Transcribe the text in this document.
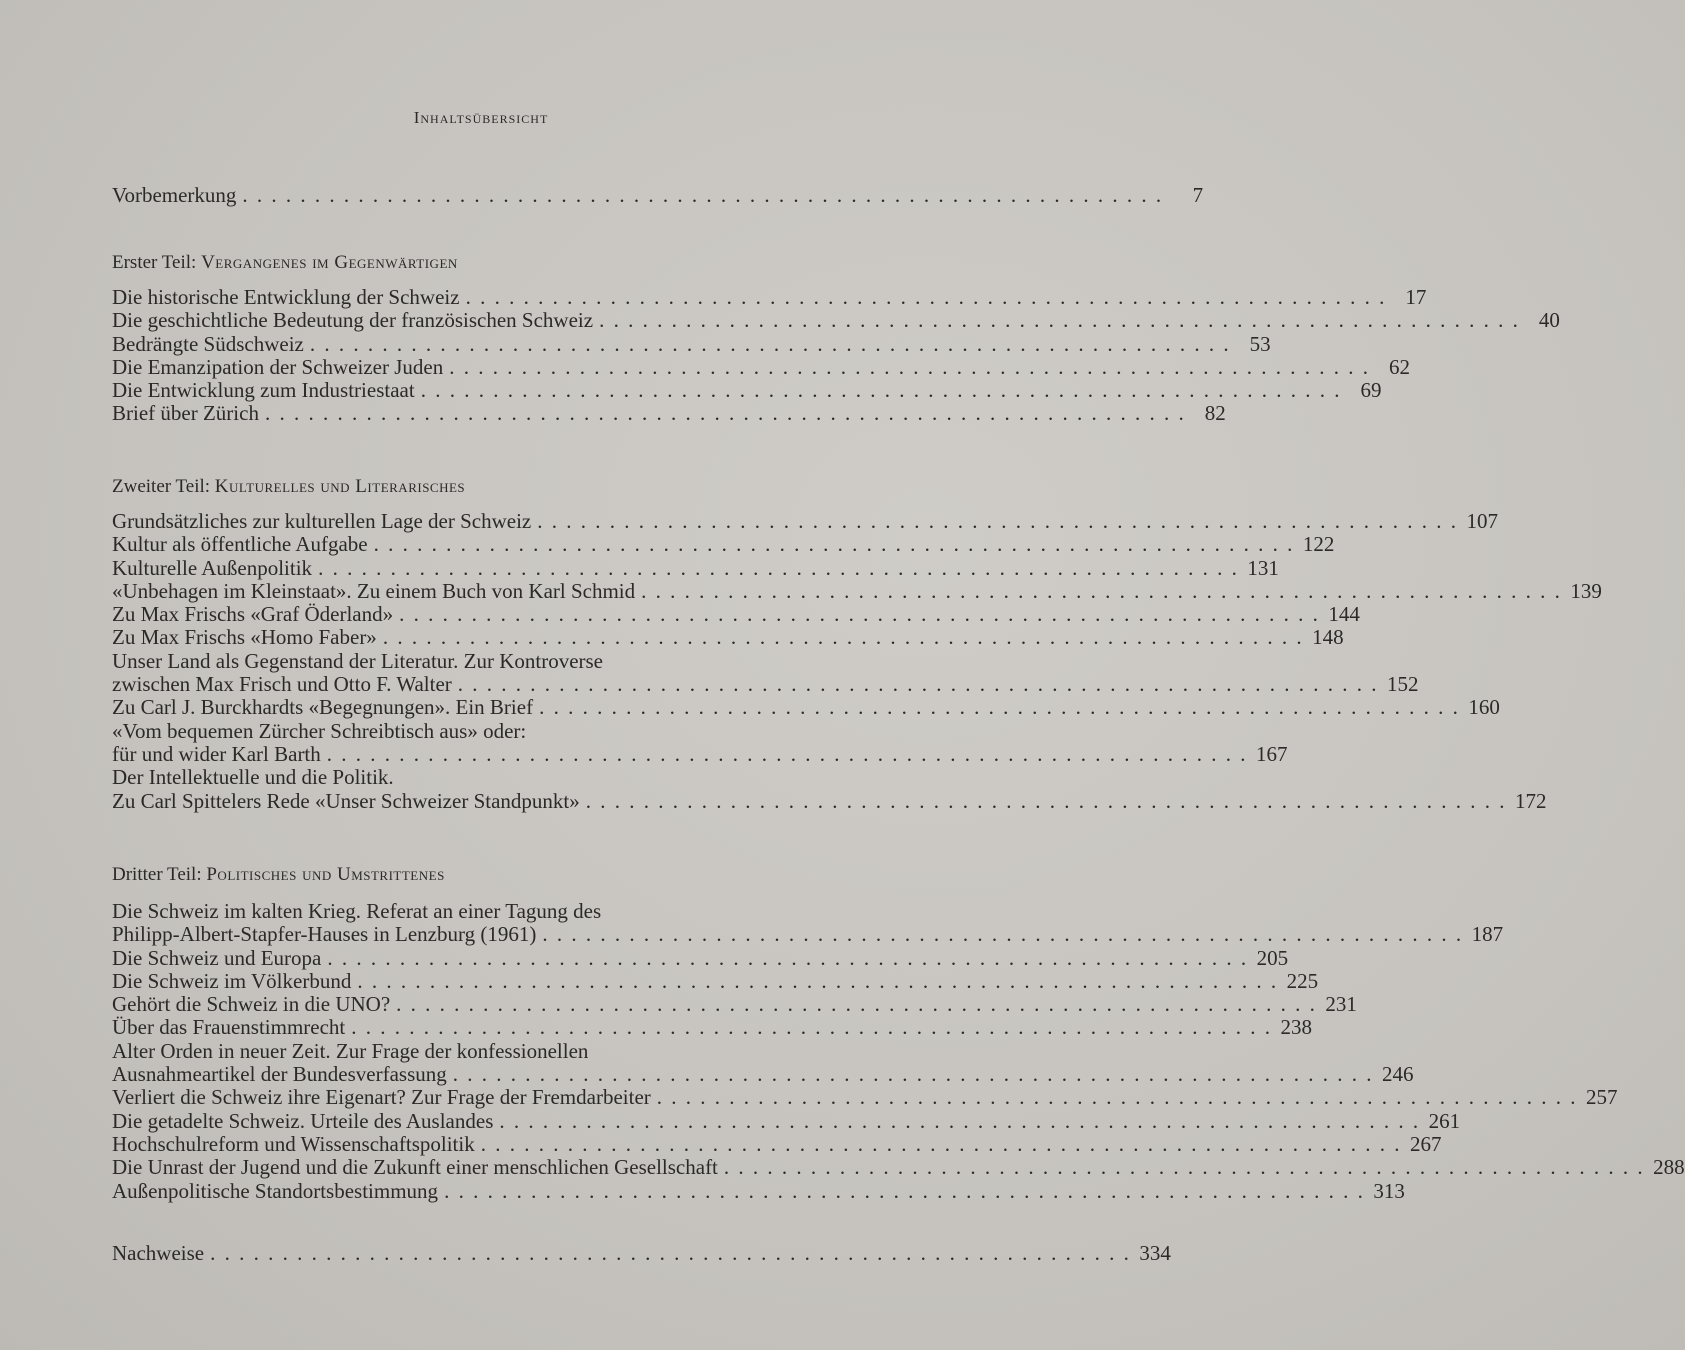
Inhaltsübersicht
Vorbemerkung . . .	7
Erster Teil: Vergangenes im Gegenwärtigen
Die historische Entwicklung der Schweiz . . .	17
Die geschichtliche Bedeutung der französischen Schweiz . . .	40
Bedrängte Südschweiz . . .	53
Die Emanzipation der Schweizer Juden . . .	62
Die Entwicklung zum Industriestaat . . .	69
Brief über Zürich . . .	82
Zweiter Teil: Kulturelles und Literarisches
Grundsätzliches zur kulturellen Lage der Schweiz . . .	107
Kultur als öffentliche Aufgabe . . .	122
Kulturelle Außenpolitik . . .	131
«Unbehagen im Kleinstaat». Zu einem Buch von Karl Schmid . . .	139
Zu Max Frischs «Graf Öderland» . . .	144
Zu Max Frischs «Homo Faber» . . .	148
Unser Land als Gegenstand der Literatur. Zur Kontroverse
zwischen Max Frisch und Otto F. Walter . . .	152
Zu Carl J. Burckhardts «Begegnungen». Ein Brief . . .	160
«Vom bequemen Zürcher Schreibtisch aus» oder:
für und wider Karl Barth . . .	167
Der Intellektuelle und die Politik.
Zu Carl Spittelers Rede «Unser Schweizer Standpunkt» . . .	172
Dritter Teil: Politisches und Umstrittenes
Die Schweiz im kalten Krieg. Referat an einer Tagung des
Philipp-Albert-Stapfer-Hauses in Lenzburg (1961) . . .	187
Die Schweiz und Europa . . .	205
Die Schweiz im Völkerbund . . .	225
Gehört die Schweiz in die UNO? . . .	231
Über das Frauenstimmrecht . . .	238
Alter Orden in neuer Zeit. Zur Frage der konfessionellen
Ausnahmeartikel der Bundesverfassung . . .	246
Verliert die Schweiz ihre Eigenart? Zur Frage der Fremdarbeiter . . .	257
Die getadelte Schweiz. Urteile des Auslandes . . .	261
Hochschulreform und Wissenschaftspolitik . . .	267
Die Unrast der Jugend und die Zukunft einer menschlichen Gesellschaft . . .	288
Außenpolitische Standortsbestimmung . . .	313
Nachweise . . .	334
